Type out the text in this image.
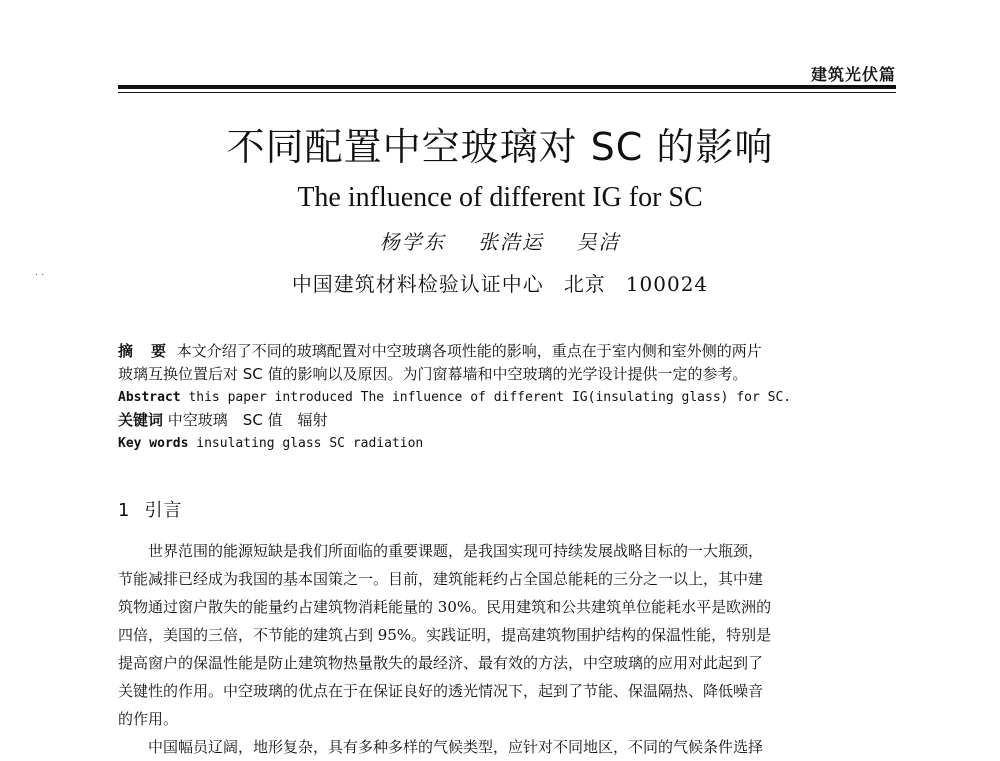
建筑光伏篇
不同配置中空玻璃对 SC 的影响
The influence of different IG for SC
杨学东 张浩运 吴洁
中国建筑材料检验认证中心 北京 100024
··
摘要 本文介绍了不同的玻璃配置对中空玻璃各项性能的影响，重点在于室内侧和室外侧的两片
玻璃互换位置后对 SC 值的影响以及原因。为门窗幕墙和中空玻璃的光学设计提供一定的参考。
Abstract this paper introduced The influence of different IG(insulating glass) for SC.
关键词 中空玻璃　SC 值　辐射
Key words insulating glass SC radiation
1 引言
世界范围的能源短缺是我们所面临的重要课题，是我国实现可持续发展战略目标的一大瓶颈，
节能减排已经成为我国的基本国策之一。目前，建筑能耗约占全国总能耗的三分之一以上，其中建
筑物通过窗户散失的能量约占建筑物消耗能量的 30%。民用建筑和公共建筑单位能耗水平是欧洲的
四倍，美国的三倍，不节能的建筑占到 95%。实践证明，提高建筑物围护结构的保温性能，特别是
提高窗户的保温性能是防止建筑物热量散失的最经济、最有效的方法，中空玻璃的应用对此起到了
关键性的作用。中空玻璃的优点在于在保证良好的透光情况下，起到了节能、保温隔热、降低噪音
的作用。
中国幅员辽阔，地形复杂，具有多种多样的气候类型，应针对不同地区，不同的气候条件选择
